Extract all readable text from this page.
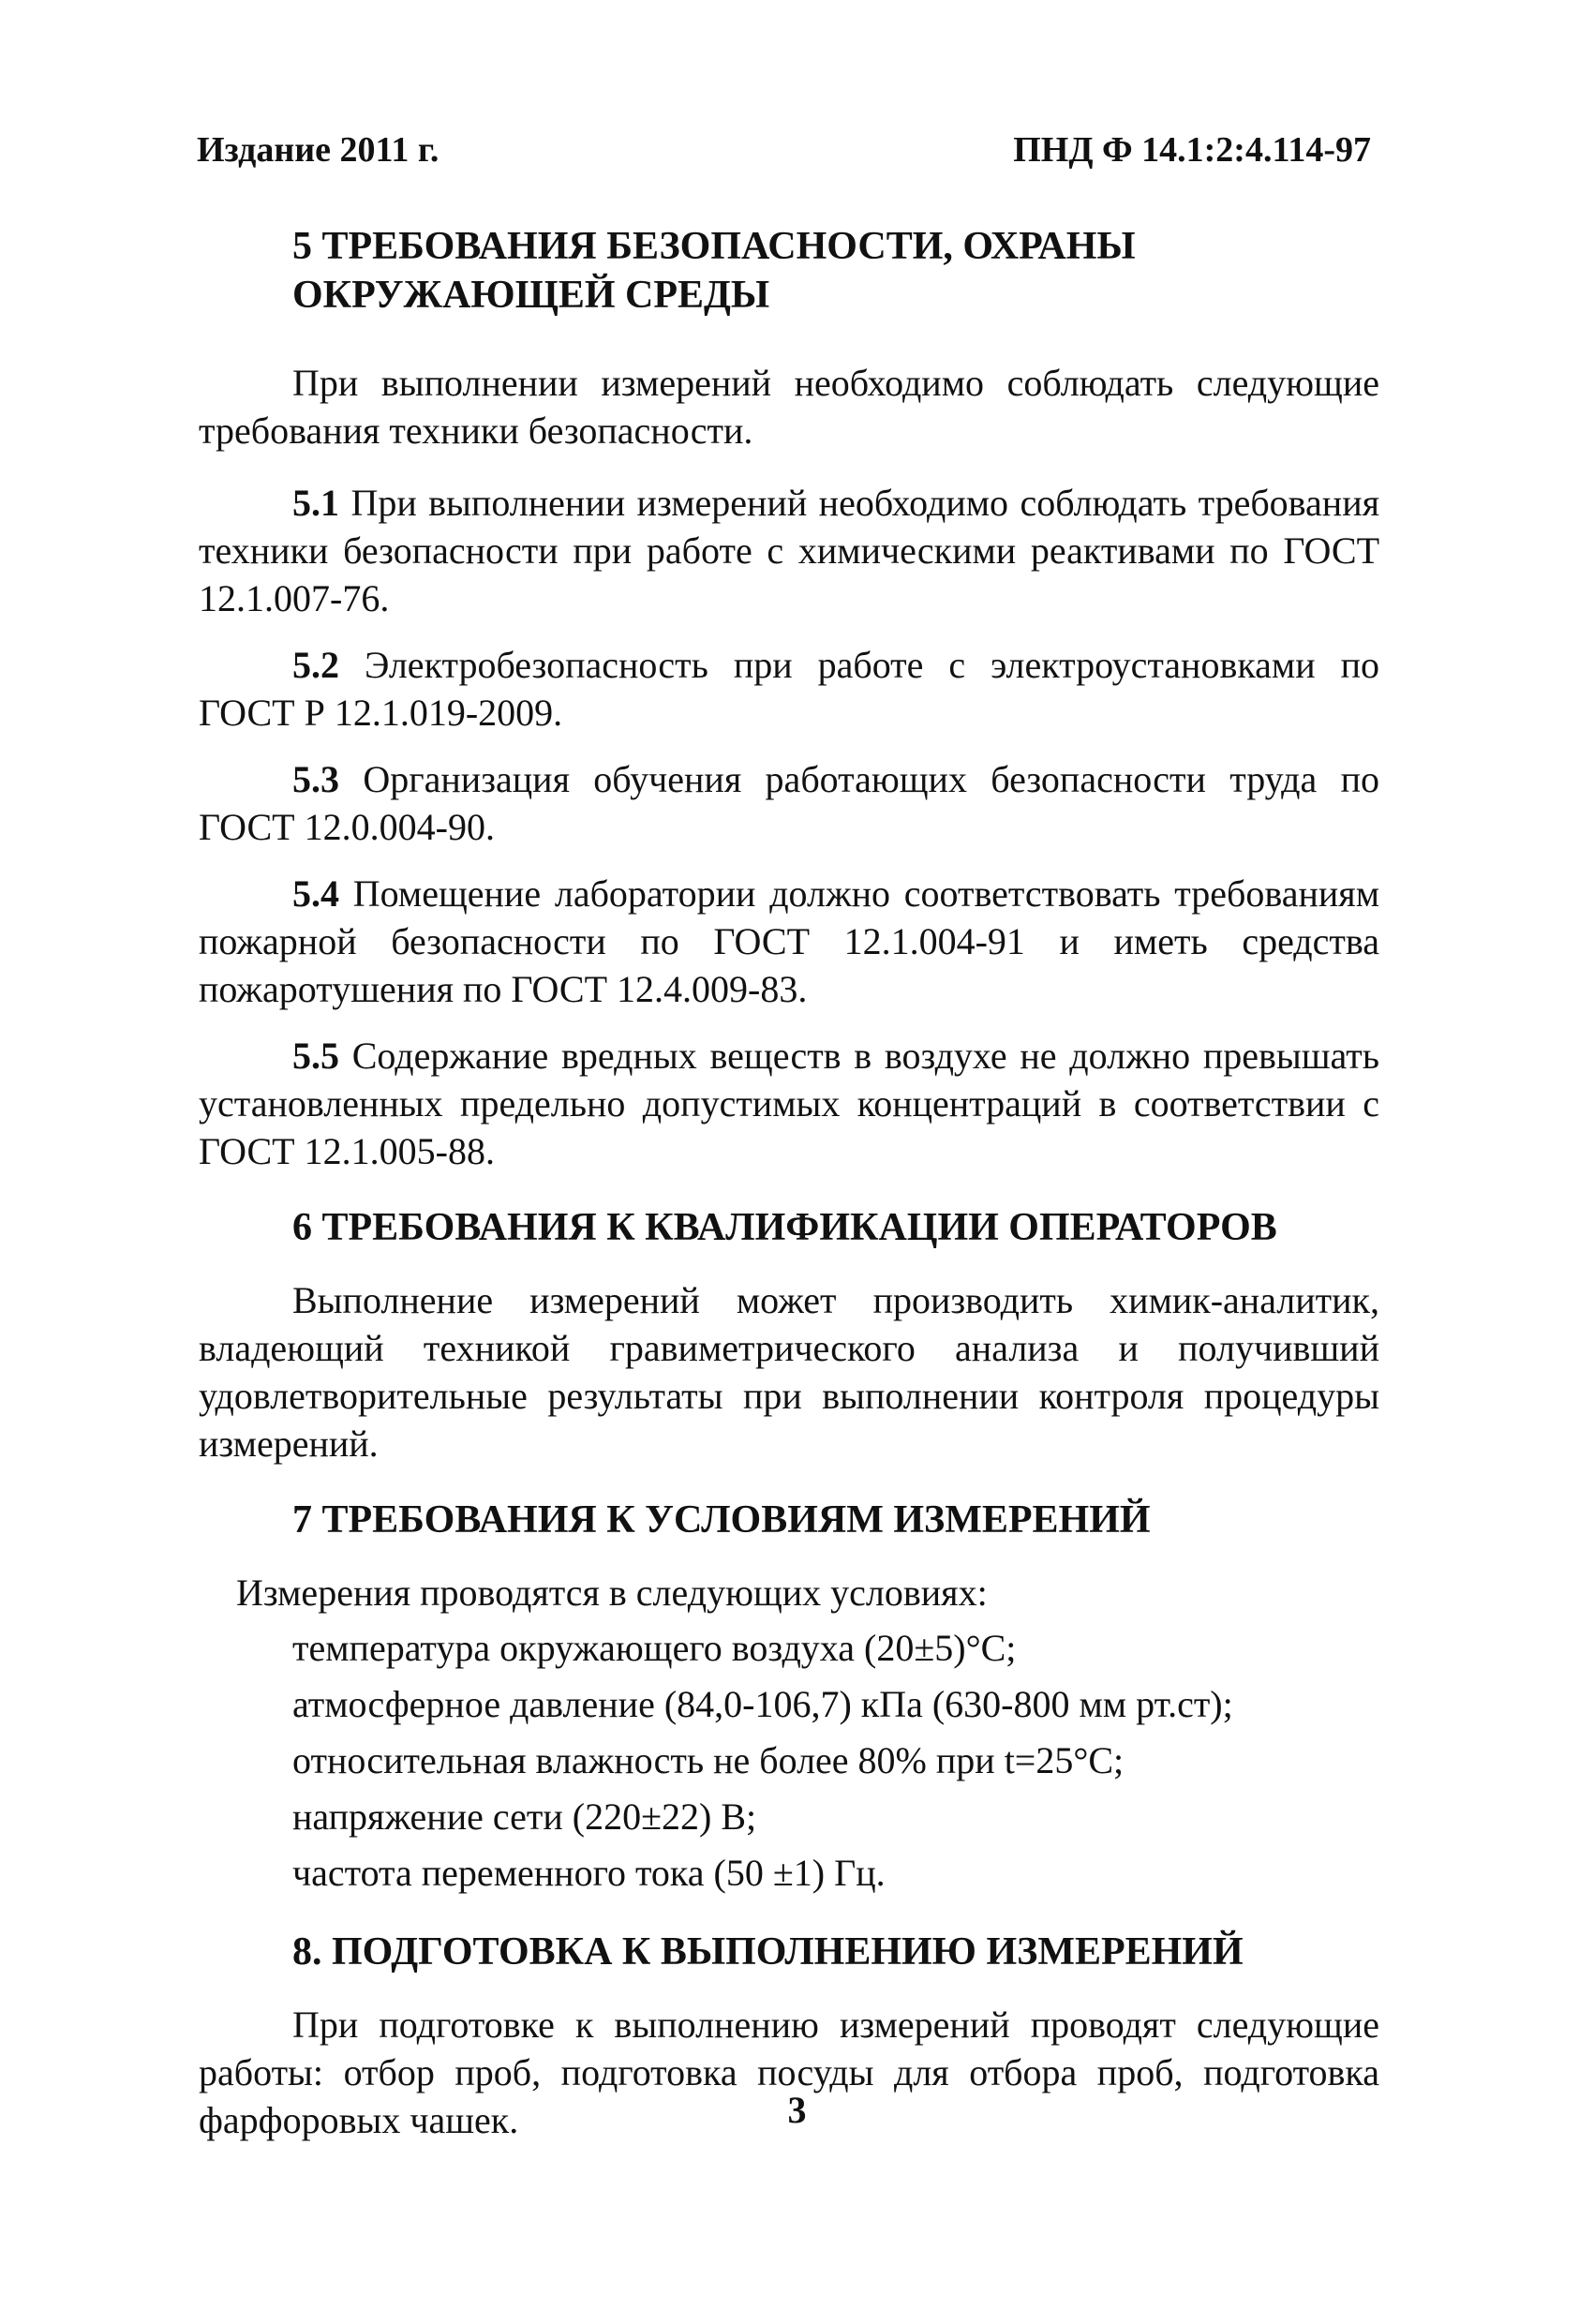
Издание 2011 г.	ПНД Ф 14.1:2:4.114-97

5 ТРЕБОВАНИЯ БЕЗОПАСНОСТИ, ОХРАНЫ
ОКРУЖАЮЩЕЙ СРЕДЫ

При выполнении измерений необходимо соблюдать следующие требования техники безопасности.

5.1 При выполнении измерений необходимо соблюдать требования техники безопасности при работе с химическими реактивами по ГОСТ 12.1.007-76.

5.2 Электробезопасность при работе с электроустановками по ГОСТ Р 12.1.019-2009.

5.3 Организация обучения работающих безопасности труда по ГОСТ 12.0.004-90.

5.4 Помещение лаборатории должно соответствовать требованиям пожарной безопасности по ГОСТ 12.1.004-91 и иметь средства пожаротушения по ГОСТ 12.4.009-83.

5.5 Содержание вредных веществ в воздухе не должно превышать установленных предельно допустимых концентраций в соответствии с ГОСТ 12.1.005-88.

6 ТРЕБОВАНИЯ К КВАЛИФИКАЦИИ ОПЕРАТОРОВ

Выполнение измерений может производить химик-аналитик, владеющий техникой гравиметрического анализа и получивший удовлетворительные результаты при выполнении контроля процедуры измерений.

7 ТРЕБОВАНИЯ К УСЛОВИЯМ ИЗМЕРЕНИЙ

Измерения проводятся в следующих условиях:

температура окружающего воздуха (20±5)°С;

атмосферное давление (84,0-106,7) кПа (630-800 мм рт.ст);

относительная влажность не более 80% при t=25°С;

напряжение сети (220±22) В;

частота переменного тока (50 ±1) Гц.

8. ПОДГОТОВКА К ВЫПОЛНЕНИЮ ИЗМЕРЕНИЙ

При подготовке к выполнению измерений проводят следующие работы: отбор проб, подготовка посуды для отбора проб, подготовка фарфоровых чашек.	3
